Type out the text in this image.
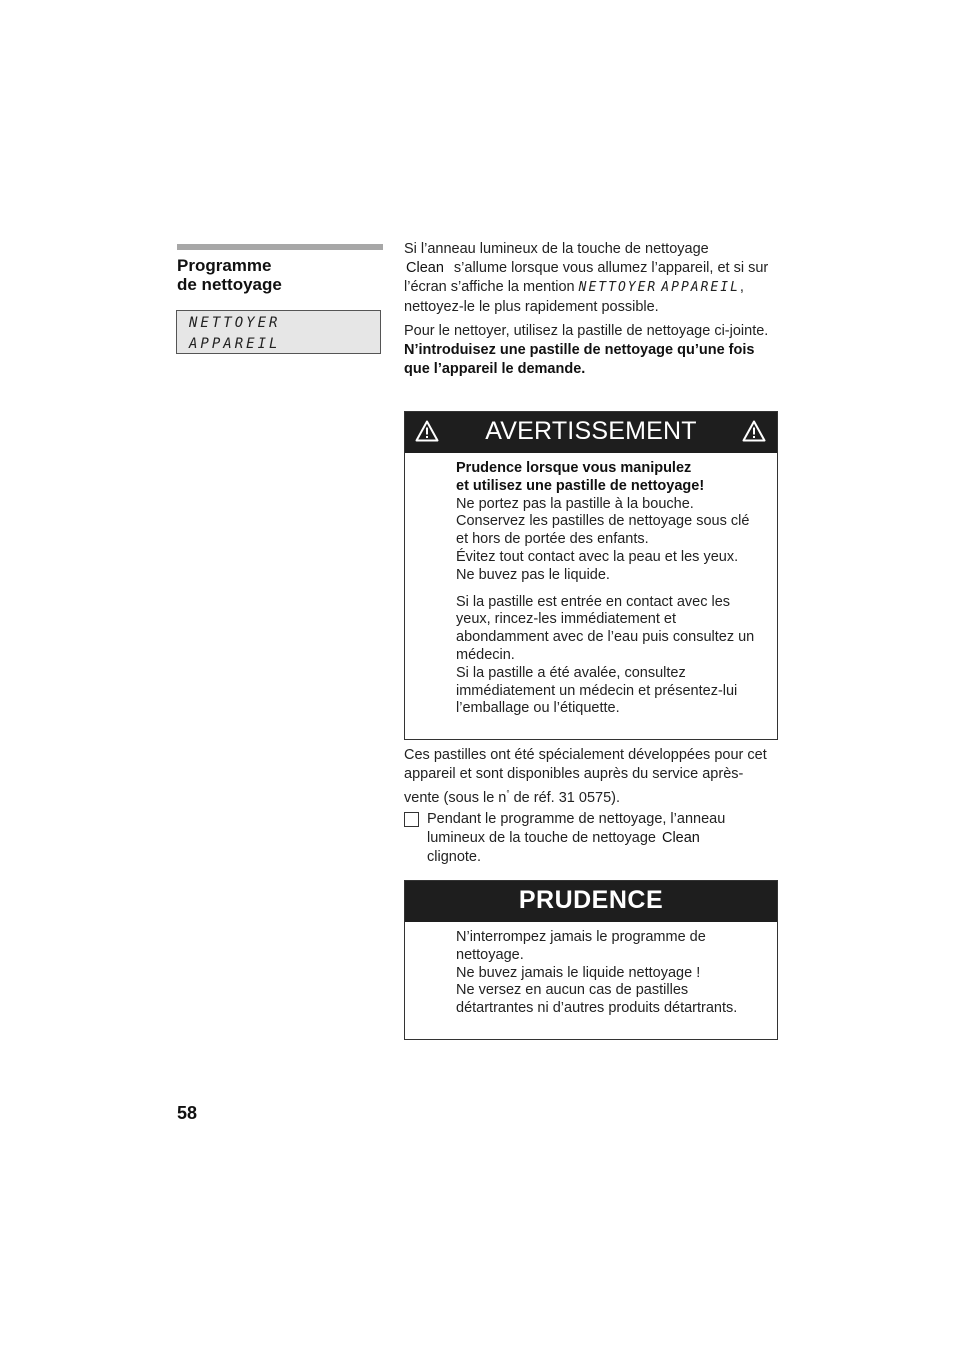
Programme
de nettoyage
NETTOYER
APPAREIL

Si l’anneau lumineux de la touche de nettoyage
Clean s’allume lorsque vous allumez l’appareil, et si sur l’écran s’affiche la mention NETTOYER APPAREIL, nettoyez-le le plus rapidement possible.

Pour le nettoyer, utilisez la pastille de nettoyage ci-jointe.

N’introduisez une pastille de nettoyage qu’une fois que l’appareil le demande.

AVERTISSEMENT

Prudence lorsque vous manipulez

et utilisez une pastille de nettoyage!

Ne portez pas la pastille à la bouche.

Conservez les pastilles de nettoyage sous clé et hors de portée des enfants.

Évitez tout contact avec la peau et les yeux. Ne buvez pas le liquide.

Si la pastille est entrée en contact avec les yeux, rincez-les immédiatement et abondamment avec de l’eau puis consultez un médecin.

Si la pastille a été avalée, consultez immédiatement un médecin et présentez-lui l’emballage ou l’étiquette.

Ces pastilles ont été spécialement développées pour cet appareil et sont disponibles auprès du service après-vente (sous le n° de réf. 31 0575).

Pendant le programme de nettoyage, l’anneau lumineux de la touche de nettoyage Clean
clignote.
PRUDENCE

N’interrompez jamais le programme de nettoyage.

Ne buvez jamais le liquide nettoyage !

Ne versez en aucun cas de pastilles détartrantes ni d’autres produits détartrants.

58
